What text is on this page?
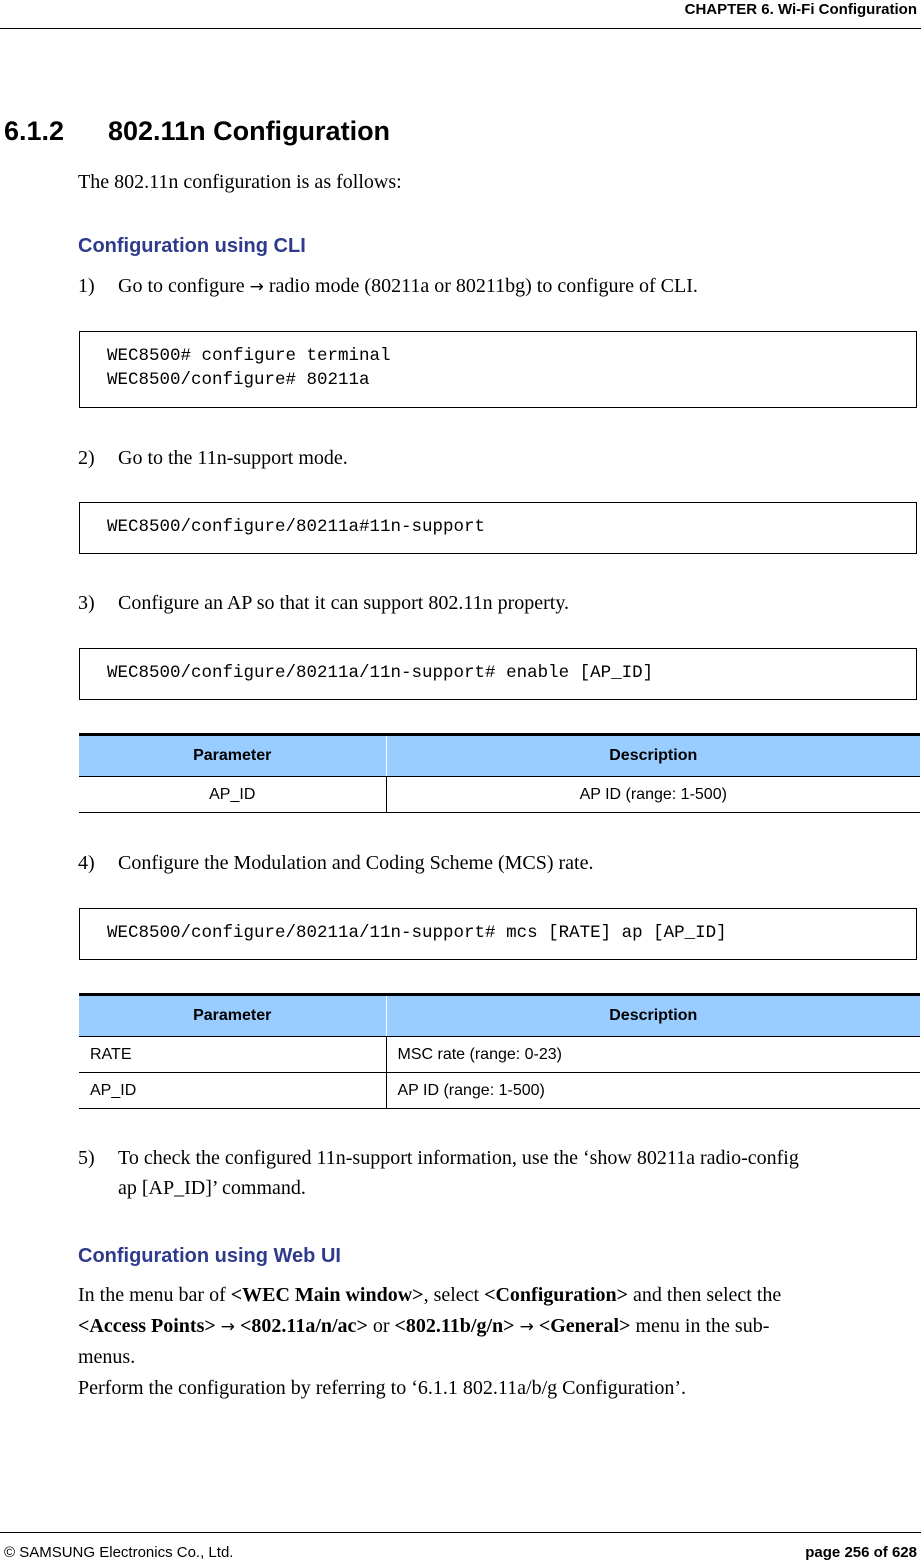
CHAPTER 6. Wi-Fi Configuration
6.1.2 802.11n Configuration
The 802.11n configuration is as follows:
Configuration using CLI
1) Go to configure → radio mode (80211a or 80211bg) to configure of CLI.
WEC8500# configure terminal
WEC8500/configure# 80211a
2) Go to the 11n-support mode.
WEC8500/configure/80211a#11n-support
3) Configure an AP so that it can support 802.11n property.
WEC8500/configure/80211a/11n-support# enable [AP_ID]
Parameter	Description
AP_ID	AP ID (range: 1-500)
4) Configure the Modulation and Coding Scheme (MCS) rate.
WEC8500/configure/80211a/11n-support# mcs [RATE] ap [AP_ID]
Parameter	Description
RATE	MSC rate (range: 0-23)
AP_ID	AP ID (range: 1-500)
5) To check the configured 11n-support information, use the ‘show 80211a radio-config
ap [AP_ID]’ command.
Configuration using Web UI
In the menu bar of <WEC Main window>, select <Configuration> and then select the
<Access Points> → <802.11a/n/ac> or <802.11b/g/n> → <General> menu in the sub-
menus.
Perform the configuration by referring to ‘6.1.1 802.11a/b/g Configuration’.
© SAMSUNG Electronics Co., Ltd.	page 256 of 628
